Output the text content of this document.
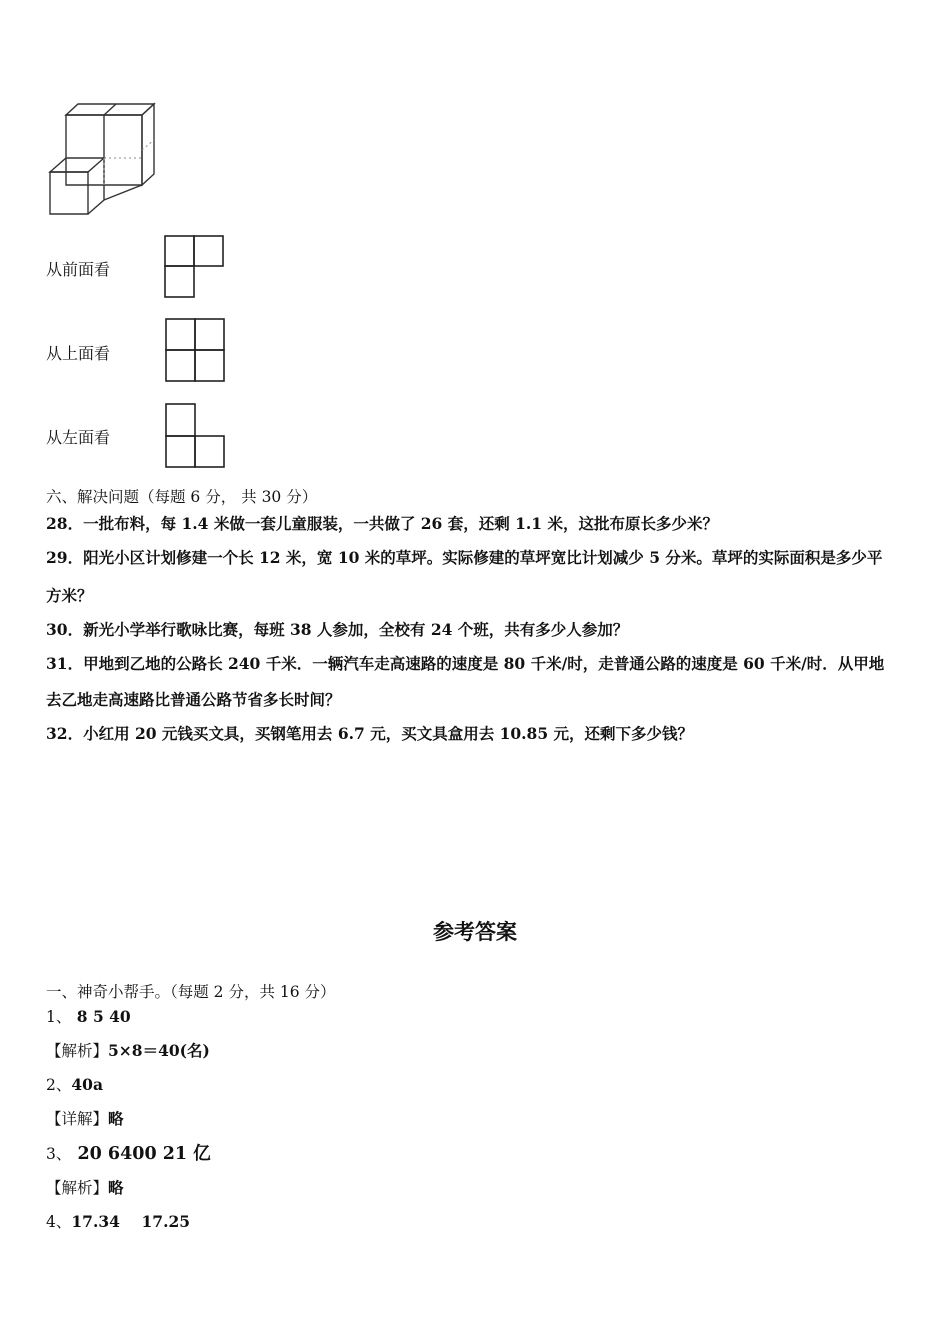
从前面看
从上面看
从左面看
六、解决问题（每题 6 分， 共 30 分）
28．一批布料，每 1.4 米做一套儿童服装，一共做了 26 套，还剩 1.1 米，这批布原长多少米？
29．阳光小区计划修建一个长 12 米，宽 10 米的草坪。实际修建的草坪宽比计划减少 5 分米。草坪的实际面积是多少平
方米？
30．新光小学举行歌咏比赛，每班 38 人参加，全校有 24 个班，共有多少人参加？
31．甲地到乙地的公路长 240 千米．一辆汽车走高速路的速度是 80 千米/时，走普通公路的速度是 60 千米/时．从甲地
去乙地走高速路比普通公路节省多长时间？
32．小红用 20 元钱买文具，买钢笔用去 6.7 元，买文具盒用去 10.85 元，还剩下多少钱？
参考答案
一、神奇小帮手。（每题 2 分，共 16 分）
1、 8 5 40
【解析】5×8＝40(名)
2、40a
【详解】略
3、 20 6400 21 亿
【解析】略
4、17.34    17.25
